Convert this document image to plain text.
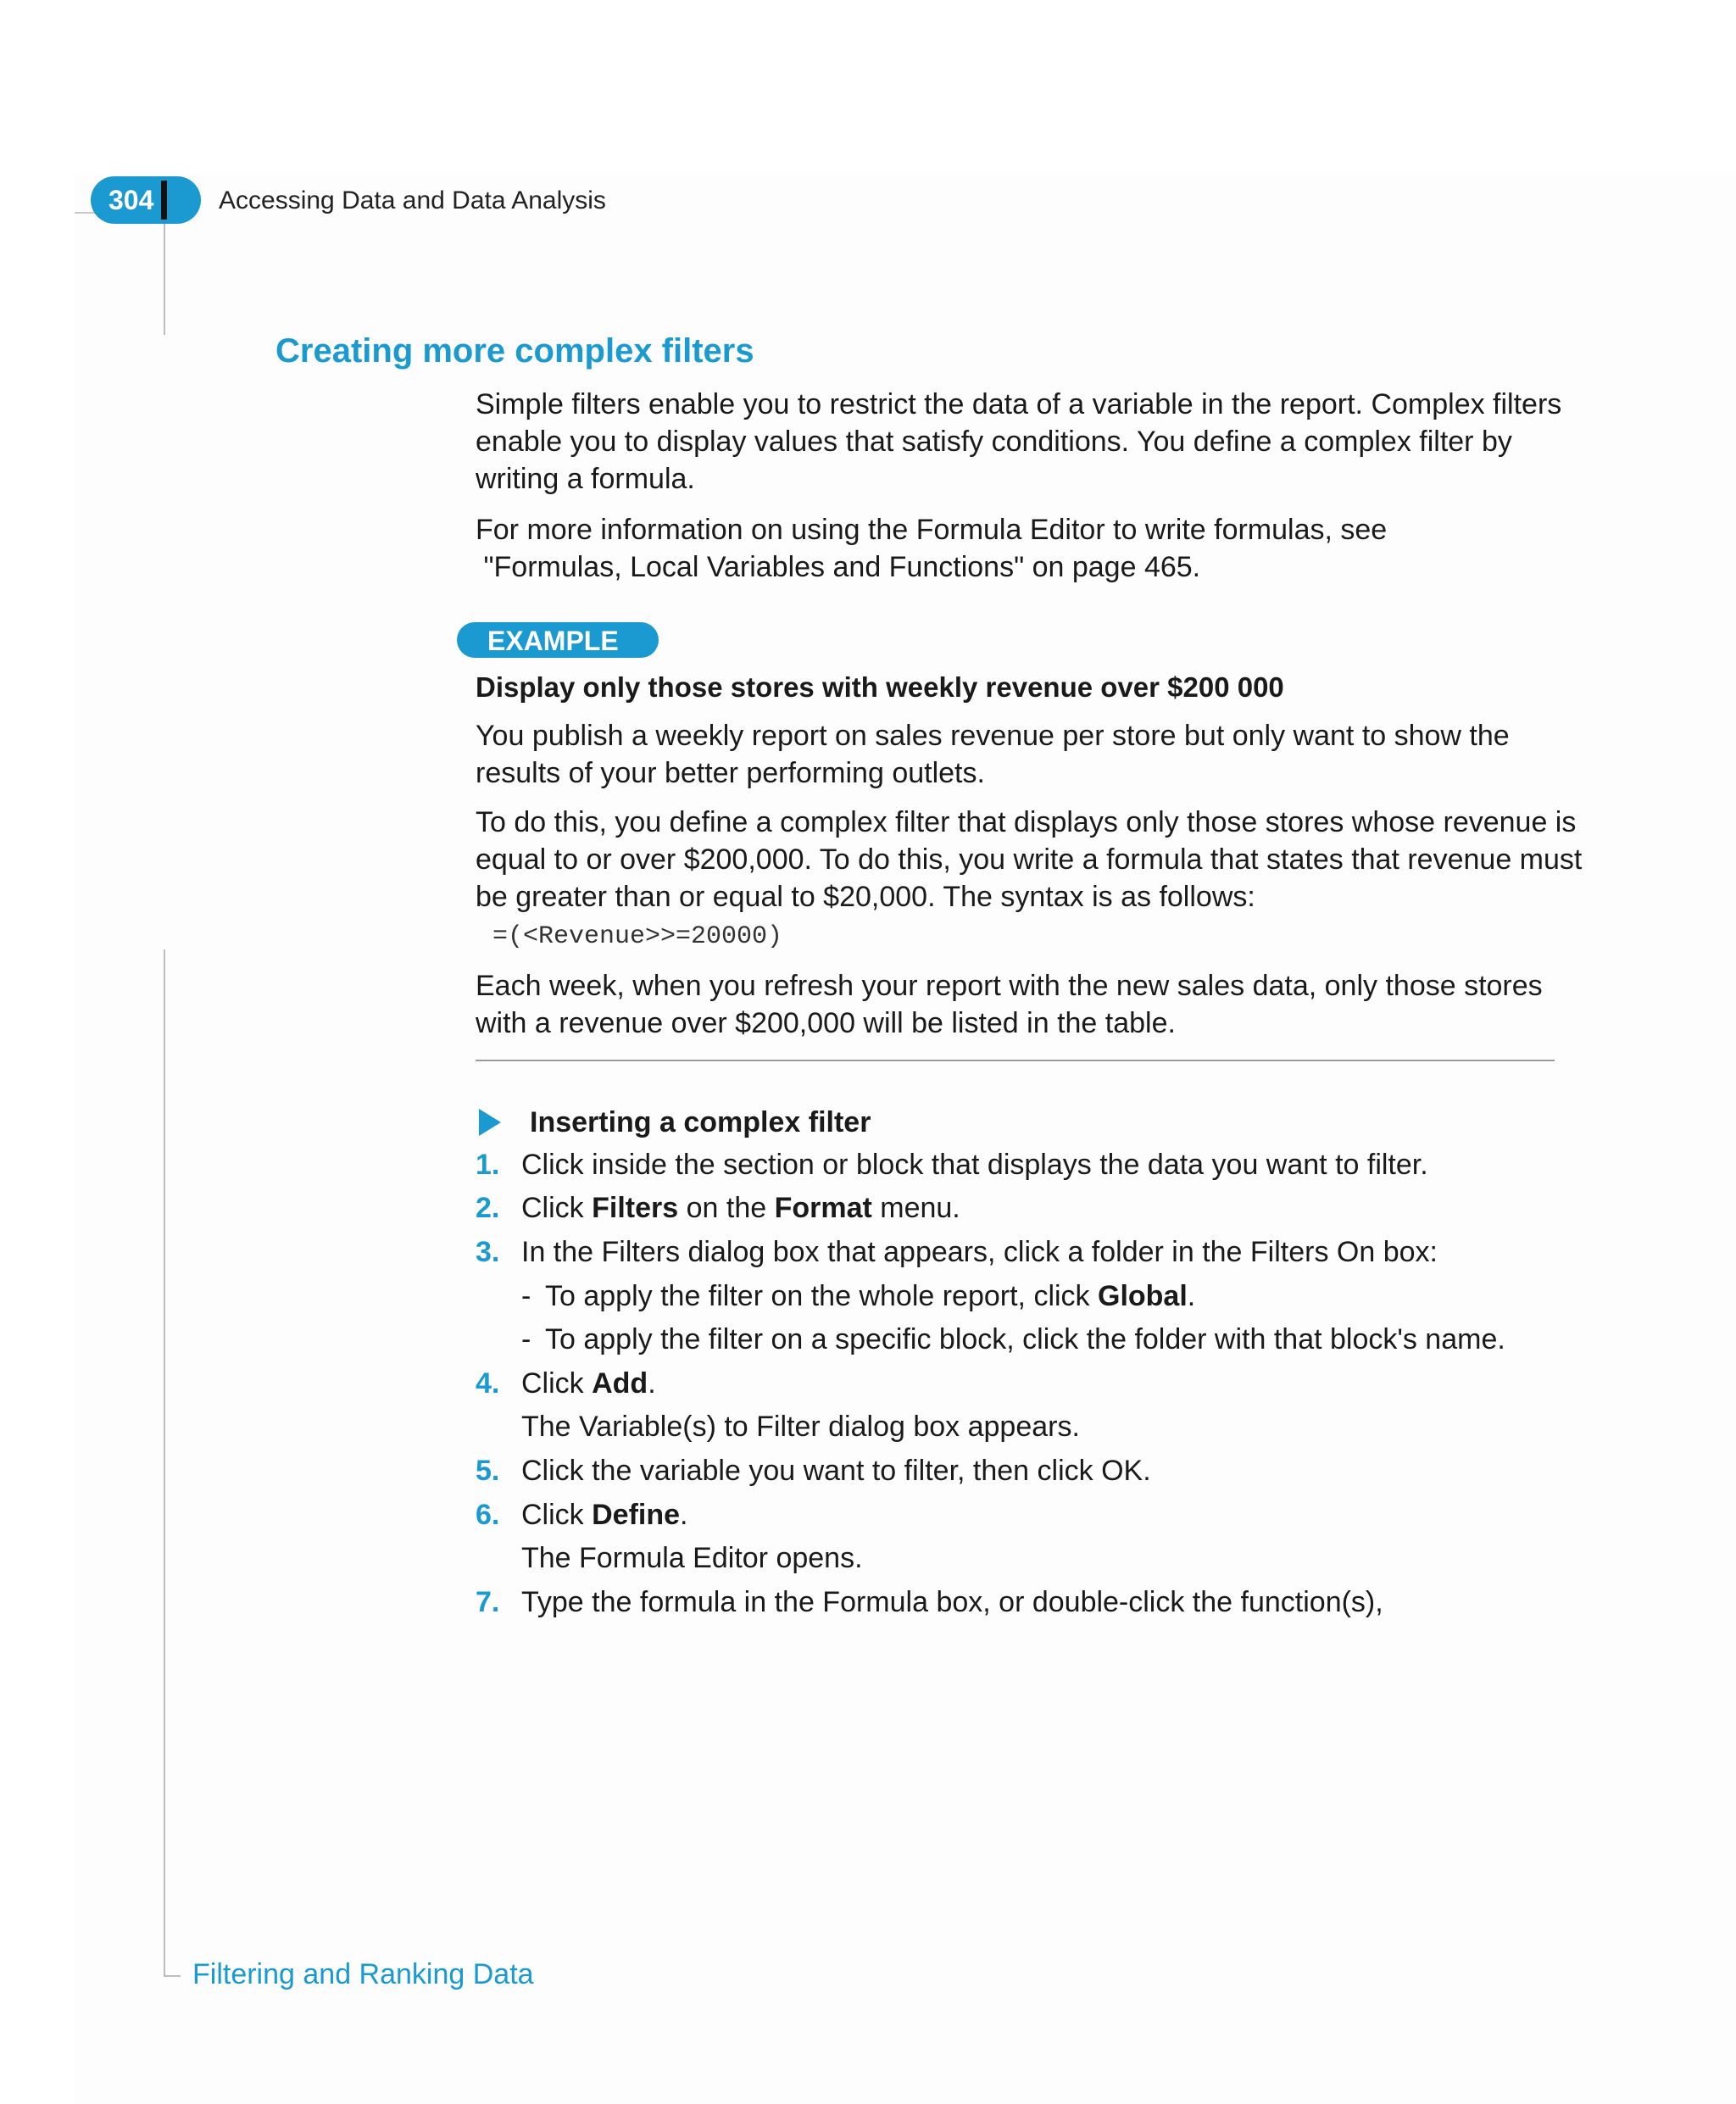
304	Accessing Data and Data Analysis
Creating more complex filters

Simple filters enable you to restrict the data of a variable in the report. Complex filters enable you to display values that satisfy conditions. You define a complex filter by writing a formula.

For more information on using the Formula Editor to write formulas, see

"Formulas, Local Variables and Functions" on page 465.

EXAMPLE
Display only those stores with weekly revenue over $200 000

You publish a weekly report on sales revenue per store but only want to show the results of your better performing outlets.

To do this, you define a complex filter that displays only those stores whose revenue is equal to or over $200,000. To do this, you write a formula that states that revenue must be greater than or equal to $20,000. The syntax is as follows:

=(<Revenue>>=20000)

Each week, when you refresh your report with the new sales data, only those stores with a revenue over $200,000 will be listed in the table.

Inserting a complex filter
1. Click inside the section or block that displays the data you want to filter.
2. Click Filters on the Format menu.
3. In the Filters dialog box that appears, click a folder in the Filters On box:
- To apply the filter on the whole report, click Global.
- To apply the filter on a specific block, click the folder with that block's name.
4. Click Add.
The Variable(s) to Filter dialog box appears.
5. Click the variable you want to filter, then click OK.
6. Click Define.
The Formula Editor opens.
7. Type the formula in the Formula box, or double-click the function(s),
Filtering and Ranking Data
